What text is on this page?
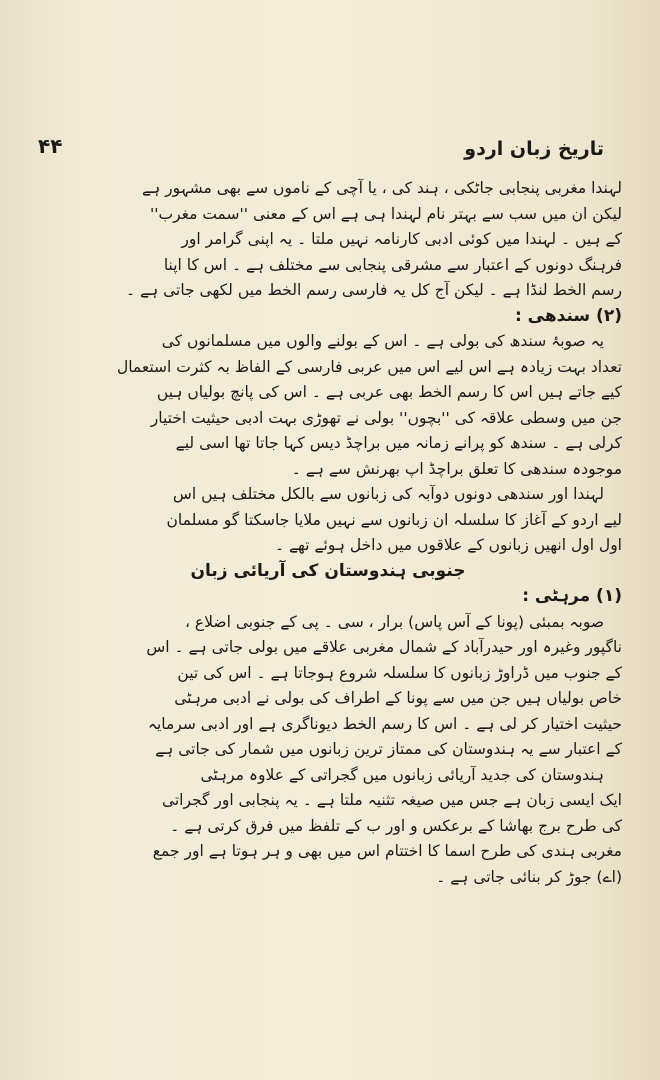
تاریخ زبان اردو
۴۴

لہندا مغربی پنجابی جاٹکی ، ہند کی ، یا آچی کے ناموں سے بھی مشہور ہے
لیکن ان میں سب سے بہتر نام لہندا ہی ہے اس کے معنی ''سمت مغرب''
کے ہیں ۔ لہندا میں کوئی ادبی کارنامہ نہیں ملتا ۔ یہ اپنی گرامر اور
فرہنگ دونوں کے اعتبار سے مشرقی پنجابی سے مختلف ہے ۔ اس کا اپنا
رسم الخط لنڈا ہے ۔ لیکن آج کل یہ فارسی رسم الخط میں لکھی جاتی ہے ۔

(۲) سندھی :

یہ صوبۂ سندھ کی بولی ہے ۔ اس کے بولنے والوں میں مسلمانوں کی
تعداد بہت زیادہ ہے اس لیے اس میں عربی فارسی کے الفاظ بہ کثرت استعمال
کیے جاتے ہیں اس کا رسم الخط بھی عربی ہے ۔ اس کی پانچ بولیاں ہیں
جن میں وسطی علاقہ کی ''بچوں'' بولی نے تھوڑی بہت ادبی حیثیت اختیار
کرلی ہے ۔ سندھ کو پرانے زمانہ میں براچڈ دیس کہا جاتا تھا اسی لیے
موجودہ سندھی کا تعلق براچڈ اپ بھرنش سے ہے ۔

لہندا اور سندھی دونوں دوآبہ کی زبانوں سے بالکل مختلف ہیں اس
لیے اردو کے آغاز کا سلسلہ ان زبانوں سے نہیں ملایا جاسکتا گو مسلمان
اول اول انھیں زبانوں کے علاقوں میں داخل ہوئے تھے ۔

جنوبی ہندوستان کی آریائی زبان

(۱) مرہٹی :

صوبہ بمبئی (پونا کے آس پاس) برار ، سی ۔ پی کے جنوبی اضلاع ،
ناگپور وغیرہ اور حیدرآباد کے شمال مغربی علاقے میں بولی جاتی ہے ۔ اس
کے جنوب میں ڈراوڑ زبانوں کا سلسلہ شروع ہوجاتا ہے ۔ اس کی تین
خاص بولیاں ہیں جن میں سے پونا کے اطراف کی بولی نے ادبی مرہٹی
حیثیت اختیار کر لی ہے ۔ اس کا رسم الخط دیوناگری ہے اور ادبی سرمایہ
کے اعتبار سے یہ ہندوستان کی ممتاز ترین زبانوں میں شمار کی جاتی ہے

ہندوستان کی جدید آریائی زبانوں میں گجراتی کے علاوہ مرہٹی
ایک ایسی زبان ہے جس میں صیغہ تثنیہ ملتا ہے ۔ یہ پنجابی اور گجراتی
کی طرح برج بھاشا کے برعکس و اور ب کے تلفظ میں فرق کرتی ہے ۔
مغربی ہندی کی طرح اسما کا اختتام اس میں بھی و ہر ہوتا ہے اور جمع
(اے) جوڑ کر بنائی جاتی ہے ۔
